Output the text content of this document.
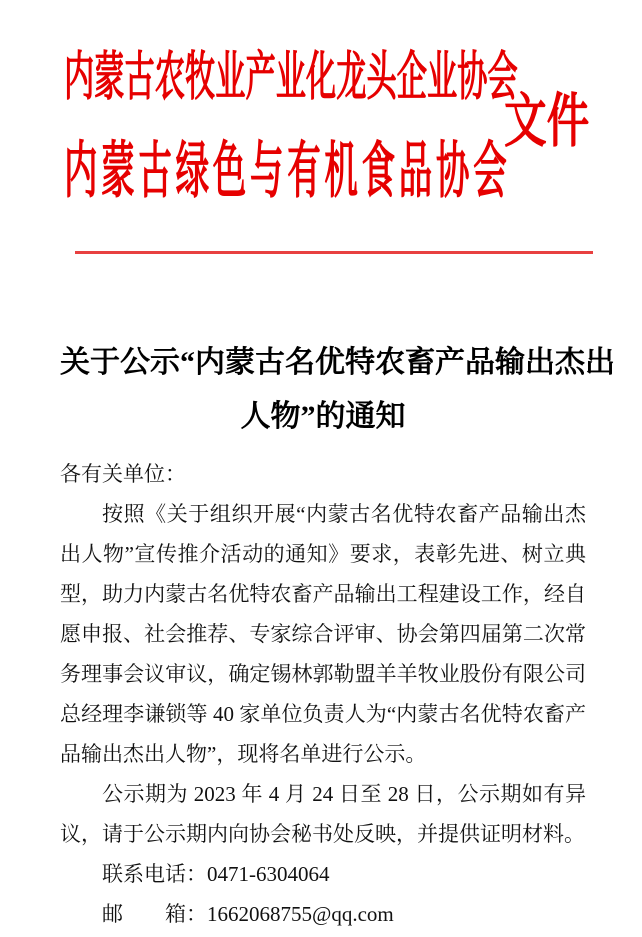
内蒙古农牧业产业化龙头企业协会
文件
内蒙古绿色与有机食品协会
关于公示“内蒙古名优特农畜产品输出杰出
人物”的通知

各有关单位：

按照《关于组织开展“内蒙古名优特农畜产品输出杰出人物”宣传推介活动的通知》要求，表彰先进、树立典型，助力内蒙古名优特农畜产品输出工程建设工作，经自愿申报、社会推荐、专家综合评审、协会第四届第二次常务理事会议审议，确定锡林郭勒盟羊羊牧业股份有限公司总经理李谦锁等 40 家单位负责人为“内蒙古名优特农畜产品输出杰出人物”，现将名单进行公示。

公示期为 2023 年 4 月 24 日至 28 日，公示期如有异议，请于公示期内向协会秘书处反映，并提供证明材料。

联系电话：0471-6304064

邮　　箱：1662068755@qq.com
